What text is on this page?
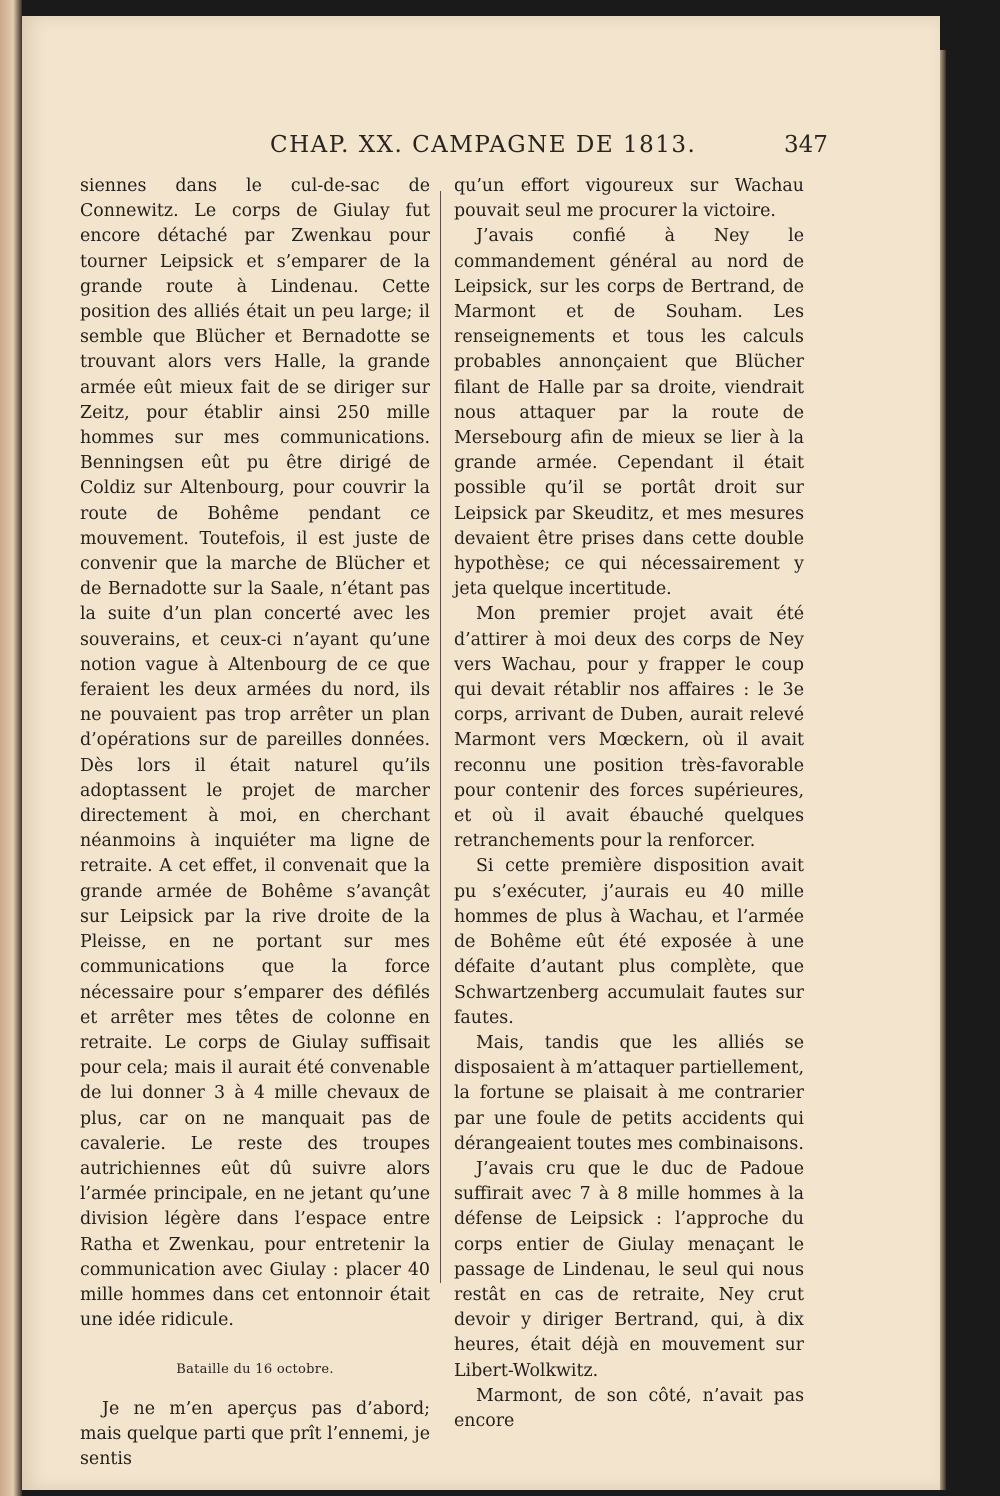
CHAP. XX. CAMPAGNE DE 1813.	347

siennes dans le cul-de-sac de Connewitz. Le corps de Giulay fut encore détaché par Zwenkau pour tourner Leipsick et s’emparer de la grande route à Lindenau. Cette position des alliés était un peu large; il semble que Blücher et Bernadotte se trouvant alors vers Halle, la grande armée eût mieux fait de se diriger sur Zeitz, pour établir ainsi 250 mille hommes sur mes communications. Benningsen eût pu être dirigé de Coldiz sur Altenbourg, pour couvrir la route de Bohême pendant ce mouvement. Toutefois, il est juste de convenir que la marche de Blücher et de Bernadotte sur la Saale, n’étant pas la suite d’un plan concerté avec les souverains, et ceux-ci n’ayant qu’une notion vague à Altenbourg de ce que feraient les deux armées du nord, ils ne pouvaient pas trop arrêter un plan d’opérations sur de pareilles données. Dès lors il était naturel qu’ils adoptassent le projet de marcher directement à moi, en cherchant néanmoins à inquiéter ma ligne de retraite. A cet effet, il convenait que la grande armée de Bohême s’avançât sur Leipsick par la rive droite de la Pleisse, en ne portant sur mes communications que la force nécessaire pour s’emparer des défilés et arrêter mes têtes de colonne en retraite. Le corps de Giulay suffisait pour cela; mais il aurait été convenable de lui donner 3 à 4 mille chevaux de plus, car on ne manquait pas de cavalerie. Le reste des troupes autrichiennes eût dû suivre alors l’armée principale, en ne jetant qu’une division légère dans l’espace entre Ratha et Zwenkau, pour entretenir la communication avec Giulay : placer 40 mille hommes dans cet entonnoir était une idée ridicule.

Bataille du 16 octobre.

Je ne m’en aperçus pas d’abord; mais quelque parti que prît l’ennemi, je sentis

qu’un effort vigoureux sur Wachau pouvait seul me procurer la victoire.

J’avais confié à Ney le commandement général au nord de Leipsick, sur les corps de Bertrand, de Marmont et de Souham. Les renseignements et tous les calculs probables annonçaient que Blücher filant de Halle par sa droite, viendrait nous attaquer par la route de Mersebourg afin de mieux se lier à la grande armée. Cependant il était possible qu’il se portât droit sur Leipsick par Skeuditz, et mes mesures devaient être prises dans cette double hypothèse; ce qui nécessairement y jeta quelque incertitude.

Mon premier projet avait été d’attirer à moi deux des corps de Ney vers Wachau, pour y frapper le coup qui devait rétablir nos affaires : le 3e corps, arrivant de Duben, aurait relevé Marmont vers Mœckern, où il avait reconnu une position très-favorable pour contenir des forces supérieures, et où il avait ébauché quelques retranchements pour la renforcer.

Si cette première disposition avait pu s’exécuter, j’aurais eu 40 mille hommes de plus à Wachau, et l’armée de Bohême eût été exposée à une défaite d’autant plus complète, que Schwartzenberg accumulait fautes sur fautes.

Mais, tandis que les alliés se disposaient à m’attaquer partiellement, la fortune se plaisait à me contrarier par une foule de petits accidents qui dérangeaient toutes mes combinaisons.

J’avais cru que le duc de Padoue suffirait avec 7 à 8 mille hommes à la défense de Leipsick : l’approche du corps entier de Giulay menaçant le passage de Lindenau, le seul qui nous restât en cas de retraite, Ney crut devoir y diriger Bertrand, qui, à dix heures, était déjà en mouvement sur Libert-Wolkwitz.

Marmont, de son côté, n’avait pas encore
